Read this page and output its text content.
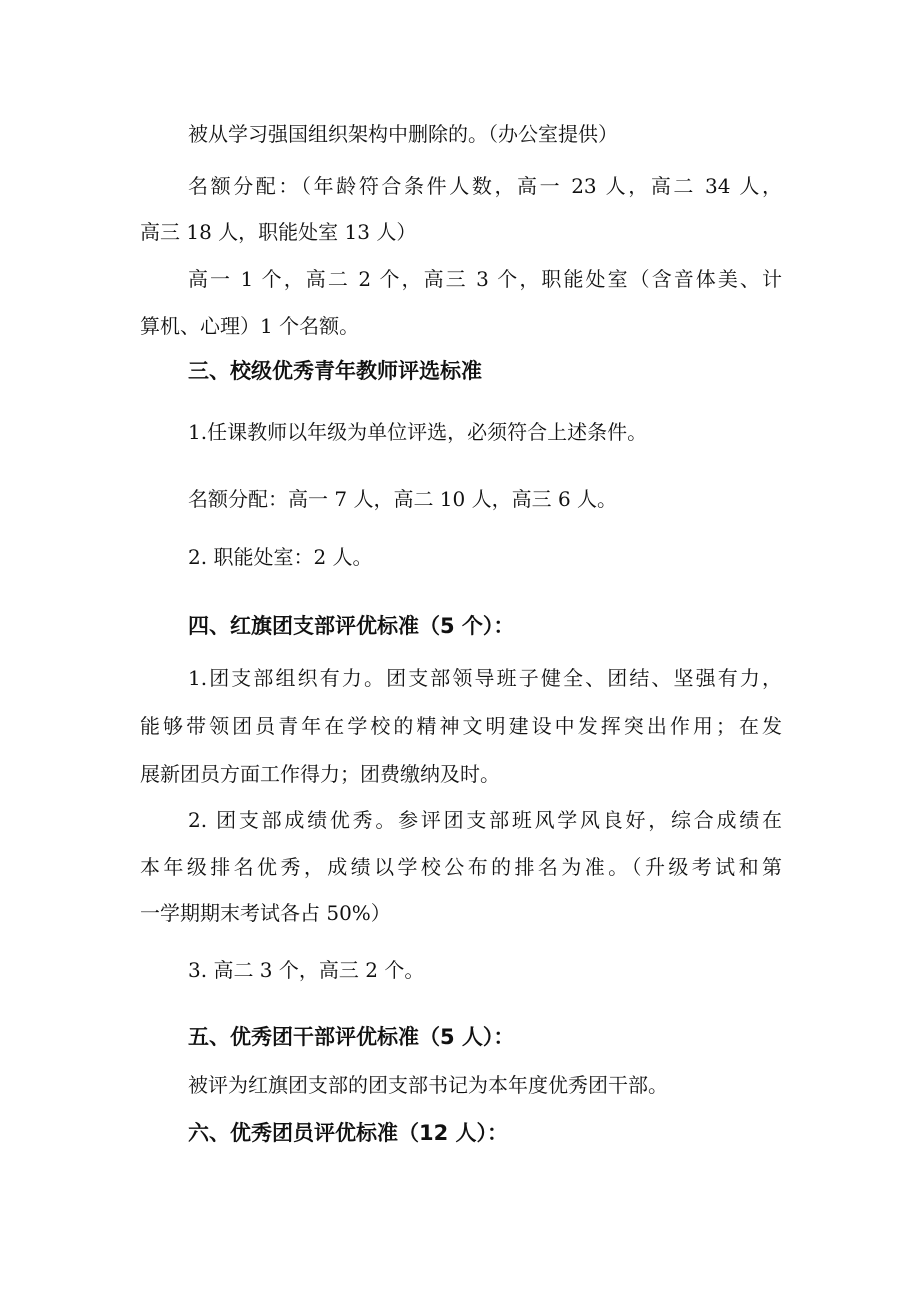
被从学习强国组织架构中删除的。（办公室提供）

名额分配：（年龄符合条件人数，高一 23 人，高二 34 人，

高三 18 人，职能处室 13 人）

高一 1 个，高二 2 个，高三 3 个，职能处室（含音体美、计

算机、心理）1 个名额。

三、校级优秀青年教师评选标准

1.任课教师以年级为单位评选，必须符合上述条件。

名额分配：高一 7 人，高二 10 人，高三 6 人。

2. 职能处室：2 人。

四、红旗团支部评优标准（5 个）：

1.团支部组织有力。团支部领导班子健全、团结、坚强有力，

能够带领团员青年在学校的精神文明建设中发挥突出作用；在发

展新团员方面工作得力；团费缴纳及时。

2. 团支部成绩优秀。参评团支部班风学风良好，综合成绩在

本年级排名优秀，成绩以学校公布的排名为准。（升级考试和第

一学期期末考试各占 50%）

3. 高二 3 个，高三 2 个。

五、优秀团干部评优标准（5 人）：

被评为红旗团支部的团支部书记为本年度优秀团干部。

六、优秀团员评优标准（12 人）：
